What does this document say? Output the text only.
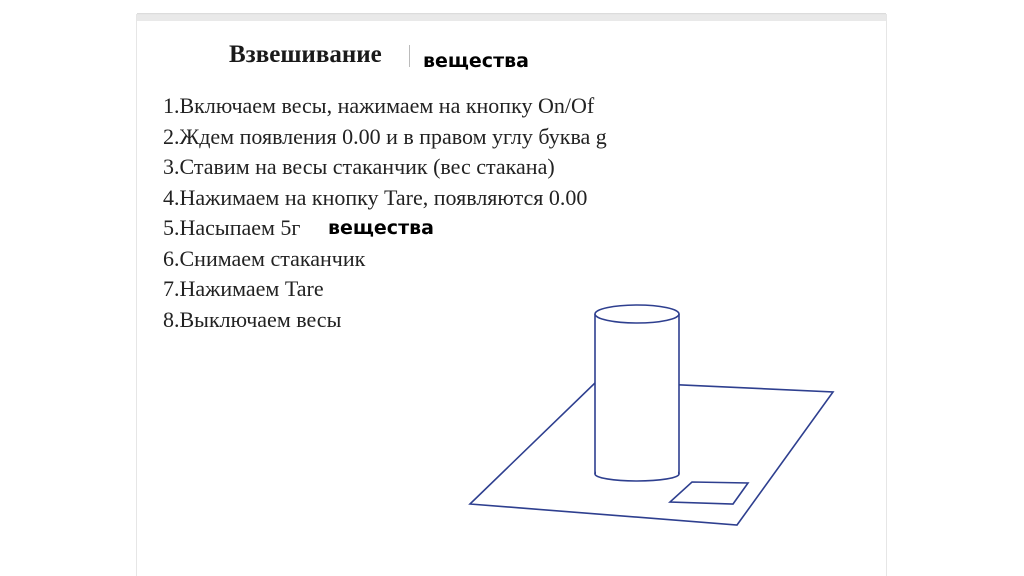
Взвешивание вещества
1.Включаем весы, нажимаем на кнопку On/Of
2.Ждем появления 0.00 и в правом углу буква g
3.Ставим на весы стаканчик (вес стакана)
4.Нажимаем на кнопку Tare, появляются 0.00
5.Насыпаем 5г
6.Снимаем стаканчик
7.Нажимаем Tare
8.Выключаем весы
вещества
